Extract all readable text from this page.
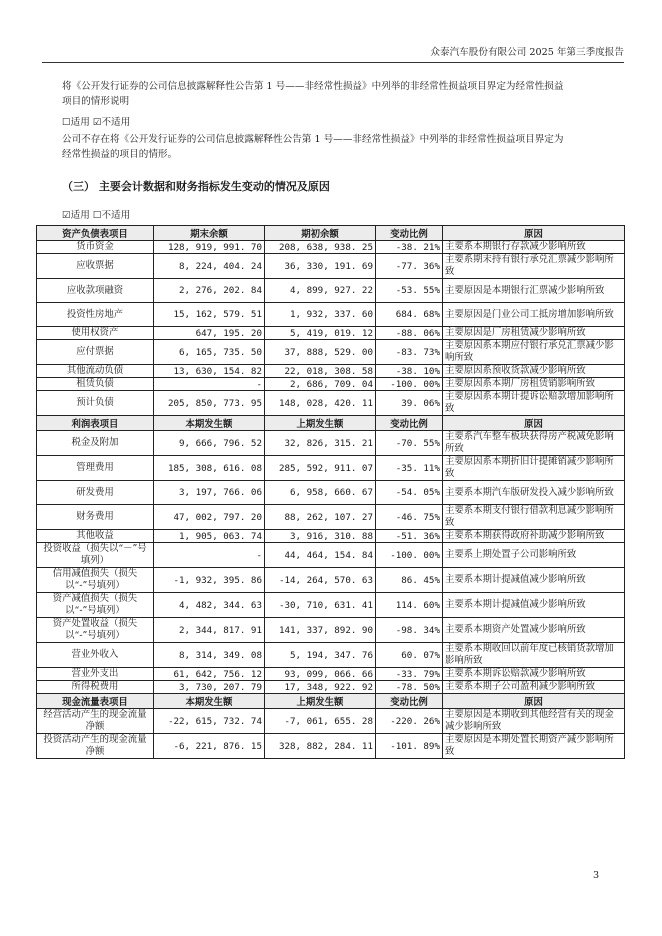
众泰汽车股份有限公司 2025 年第三季度报告
将《公开发行证券的公司信息披露解释性公告第 1 号——非经常性损益》中列举的非经常性损益项目界定为经常性损益
项目的情形说明
☐适用 ☑不适用
公司不存在将《公开发行证券的公司信息披露解释性公告第 1 号——非经常性损益》中列举的非经常性损益项目界定为
经常性损益的项目的情形。
（三） 主要会计数据和财务指标发生变动的情况及原因
☑适用 ☐不适用
资产负债表项目	期末余额	期初余额	变动比例	原因
货币资金	128, 919, 991. 70	208, 638, 938. 25	-38. 21%	主要系本期银行存款减少影响所致
应收票据	8, 224, 404. 24	36, 330, 191. 69	-77. 36%	主要系期末持有银行承兑汇票减少影响所致
应收款项融资	2, 276, 202. 84	4, 899, 927. 22	-53. 55%	主要原因是本期银行汇票减少影响所致
投资性房地产	15, 162, 579. 51	1, 932, 337. 60	684. 68%	主要原因是门业公司工抵房增加影响所致
使用权资产	647, 195. 20	5, 419, 019. 12	-88. 06%	主要原因是厂房租赁减少影响所致
应付票据	6, 165, 735. 50	37, 888, 529. 00	-83. 73%	主要原因系本期应付银行承兑汇票减少影响所致
其他流动负债	13, 630, 154. 82	22, 018, 308. 58	-38. 10%	主要原因系预收货款减少影响所致
租赁负债	-	2, 686, 709. 04	-100. 00%	主要原因系本期厂房租赁销影响所致
预计负债	205, 850, 773. 95	148, 028, 420. 11	39. 06%	主要原因系本期计提诉讼赔款增加影响所致
利润表项目	本期发生额	上期发生额	变动比例	原因
税金及附加	9, 666, 796. 52	32, 826, 315. 21	-70. 55%	主要系汽车整车板块获得房产税减免影响所致
管理费用	185, 308, 616. 08	285, 592, 911. 07	-35. 11%	主要原因系本期折旧计提摊销减少影响所致
研发费用	3, 197, 766. 06	6, 958, 660. 67	-54. 05%	主要系本期汽车版研发投入减少影响所致
财务费用	47, 002, 797. 20	88, 262, 107. 27	-46. 75%	主要系本期支付银行借款利息减少影响所致
其他收益	1, 905, 063. 74	3, 916, 310. 88	-51. 36%	主要系本期获得政府补助减少影响所致
投资收益（损失以“－”号填列）	-	44, 464, 154. 84	-100. 00%	主要系上期处置子公司影响所致
信用减值损失（损失以“-”号填列）	-1, 932, 395. 86	-14, 264, 570. 63	86. 45%	主要系本期计提减值减少影响所致
资产减值损失（损失以“-”号填列）	4, 482, 344. 63	-30, 710, 631. 41	114. 60%	主要系本期计提减值减少影响所致
资产处置收益（损失以“-”号填列）	2, 344, 817. 91	141, 337, 892. 90	-98. 34%	主要系本期资产处置减少影响所致
营业外收入	8, 314, 349. 08	5, 194, 347. 76	60. 07%	主要系本期收回以前年度已核销货款增加影响所致
营业外支出	61, 642, 756. 12	93, 099, 066. 66	-33. 79%	主要系本期诉讼赔款减少影响所致
所得税费用	3, 730, 207. 79	17, 348, 922. 92	-78. 50%	主要系本期子公司盈利减少影响所致
现金流量表项目	本期发生额	上期发生额	变动比例	原因
经营活动产生的现金流量净额	-22, 615, 732. 74	-7, 061, 655. 28	-220. 26%	主要原因是本期收到其他经营有关的现金减少影响所致
投资活动产生的现金流量净额	-6, 221, 876. 15	328, 882, 284. 11	-101. 89%	主要原因是本期处置长期资产减少影响所致
3
